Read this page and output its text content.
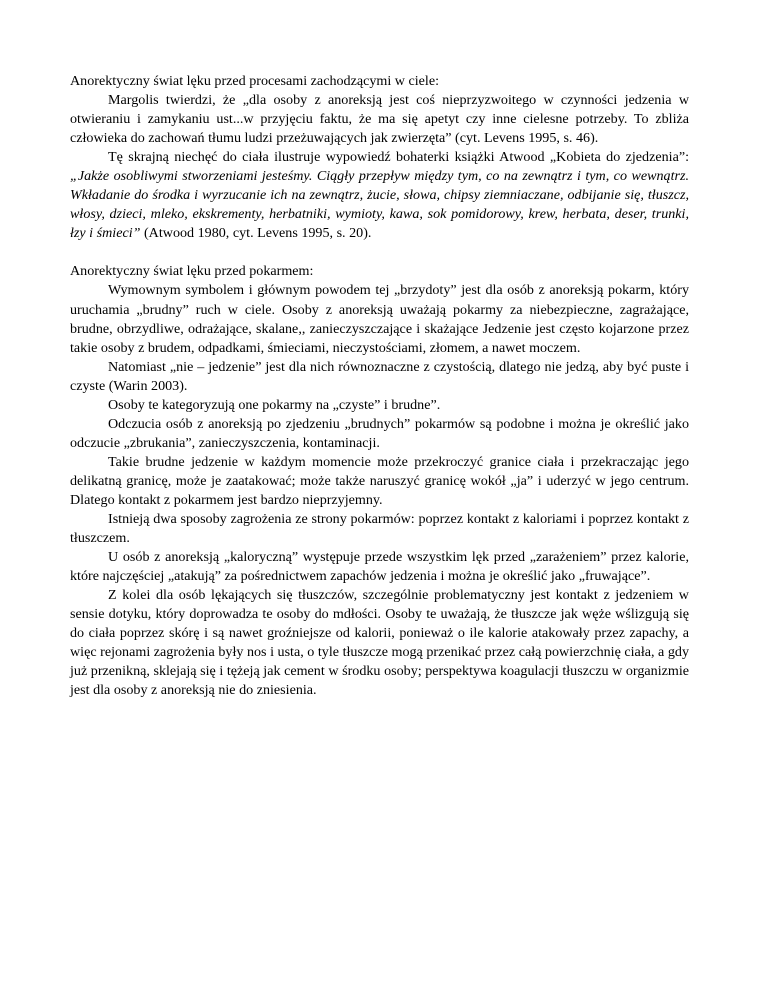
Anorektyczny świat lęku przed procesami zachodzącymi w ciele:

Margolis twierdzi, że „dla osoby z anoreksją jest coś nieprzyzwoitego w czynności jedzenia w otwieraniu i zamykaniu ust...w przyjęciu faktu, że ma się apetyt czy inne cielesne potrzeby. To zbliża człowieka do zachowań tłumu ludzi przeżuwających jak zwierzęta” (cyt. Levens 1995, s. 46).

Tę skrajną niechęć do ciała ilustruje wypowiedź bohaterki książki Atwood „Kobieta do zjedzenia”: „Jakże osobliwymi stworzeniami jesteśmy. Ciągły przepływ między tym, co na zewnątrz i tym, co wewnątrz. Wkładanie do środka i wyrzucanie ich na zewnątrz, żucie, słowa, chipsy ziemniaczane, odbijanie się, tłuszcz, włosy, dzieci, mleko, ekskrementy, herbatniki, wymioty, kawa, sok pomidorowy, krew, herbata, deser, trunki, łzy i śmieci” (Atwood 1980, cyt. Levens 1995, s. 20).

Anorektyczny świat lęku przed pokarmem:

Wymownym symbolem i głównym powodem tej „brzydoty” jest dla osób z anoreksją pokarm, który uruchamia „brudny” ruch w ciele. Osoby z anoreksją uważają pokarmy za niebezpieczne, zagrażające, brudne, obrzydliwe, odrażające, skalane,, zanieczyszczające i skażające Jedzenie jest często kojarzone przez takie osoby z brudem, odpadkami, śmieciami, nieczystościami, złomem, a nawet moczem.

Natomiast „nie – jedzenie” jest dla nich równoznaczne z czystością, dlatego nie jedzą, aby być puste i czyste (Warin 2003).

Osoby te kategoryzują one pokarmy na „czyste” i brudne”.

Odczucia osób z anoreksją po zjedzeniu „brudnych” pokarmów są podobne i można je określić jako odczucie „zbrukania”, zanieczyszczenia, kontaminacji.

Takie brudne jedzenie w każdym momencie może przekroczyć granice ciała i przekraczając jego delikatną granicę, może je zaatakować; może także naruszyć granicę wokół „ja” i uderzyć w jego centrum. Dlatego kontakt z pokarmem jest bardzo nieprzyjemny.

Istnieją dwa sposoby zagrożenia ze strony pokarmów: poprzez kontakt z kaloriami i poprzez kontakt z tłuszczem.

U osób z anoreksją „kaloryczną” występuje przede wszystkim lęk przed „zarażeniem” przez kalorie, które najczęściej „atakują” za pośrednictwem zapachów jedzenia i można je określić jako „fruwające”.

Z kolei dla osób lękających się tłuszczów, szczególnie problematyczny jest kontakt z jedzeniem w sensie dotyku, który doprowadza te osoby do mdłości. Osoby te uważają, że tłuszcze jak węże wślizgują się do ciała poprzez skórę i są nawet groźniejsze od kalorii, ponieważ o ile kalorie atakowały przez zapachy, a więc rejonami zagrożenia były nos i usta, o tyle tłuszcze mogą przenikać przez całą powierzchnię ciała, a gdy już przenikną, sklejają się i tężeją jak cement w środku osoby; perspektywa koagulacji tłuszczu w organizmie jest dla osoby z anoreksją nie do zniesienia.
